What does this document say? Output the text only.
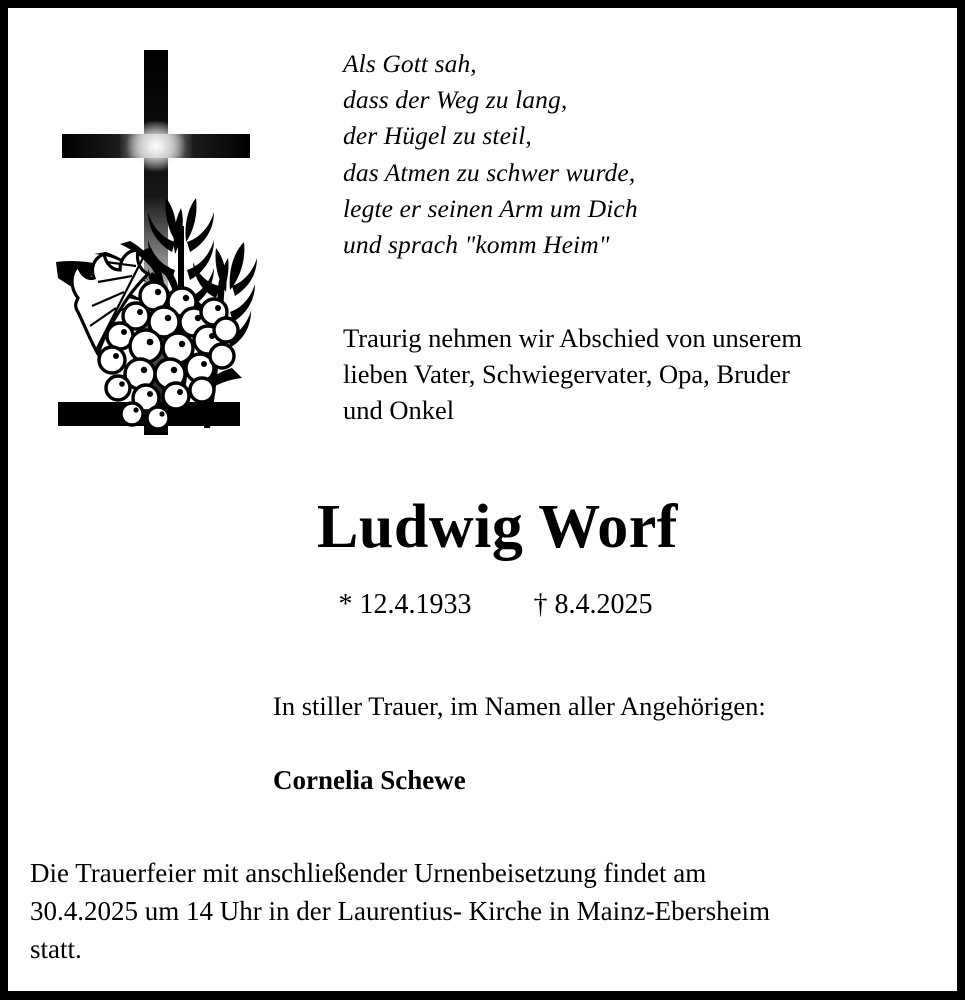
Als Gott sah,
dass der Weg zu lang,
der Hügel zu steil,
das Atmen zu schwer wurde,
legte er seinen Arm um Dich
und sprach "komm Heim"
Traurig nehmen wir Abschied von unserem
lieben Vater, Schwiegervater, Opa, Bruder
und Onkel
Ludwig Worf
* 12.4.1933 † 8.4.2025
In stiller Trauer, im Namen aller Angehörigen:
Cornelia Schewe
Die Trauerfeier mit anschließender Urnenbeisetzung findet am
30.4.2025 um 14 Uhr in der Laurentius- Kirche in Mainz-Ebersheim
statt.
